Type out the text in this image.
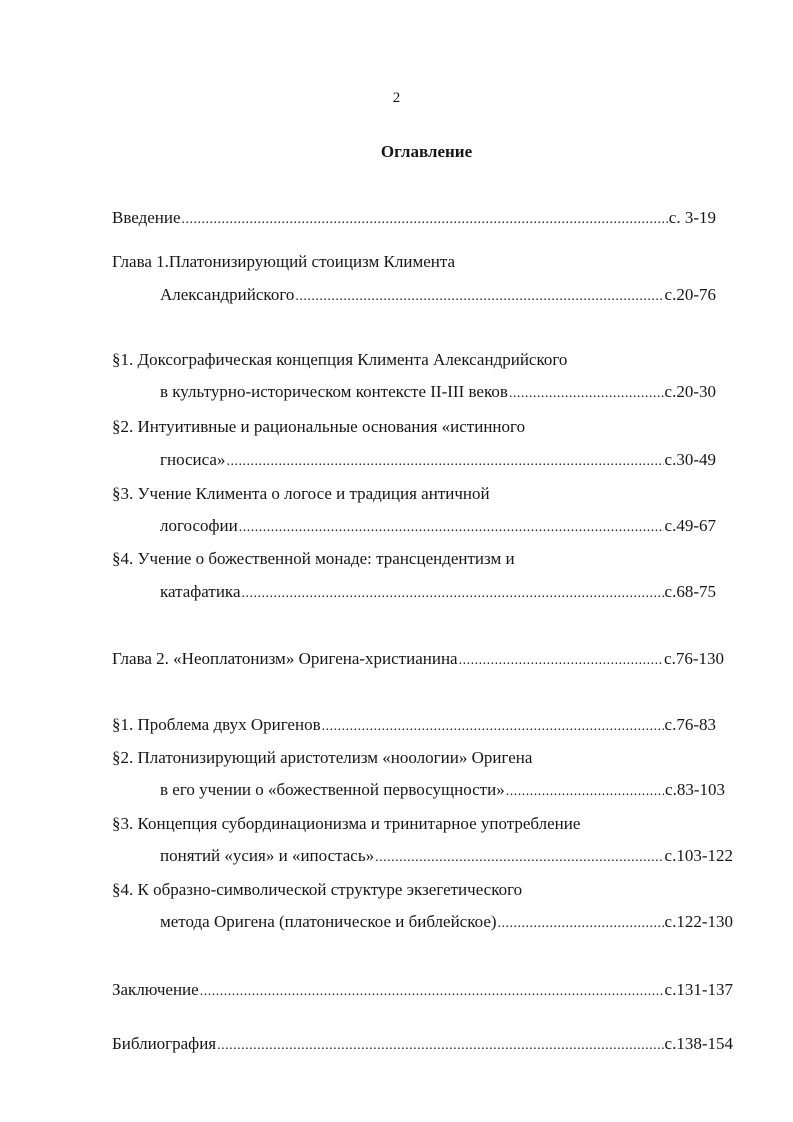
2
Оглавление
Введение .....	с. 3-19
Глава 1.Платонизирующий стоицизм Климента
Александрийского .....	с.20-76
§1. Доксографическая концепция Климента Александрийского
в культурно-историческом контексте II-III веков .....	с.20-30
§2. Интуитивные и рациональные основания «истинного
гносиса» .....	с.30-49
§3. Учение Климента о логосе и традиция античной
логософии .....	с.49-67
§4. Учение о божественной монаде: трансцендентизм и
катафатика .....	с.68-75
Глава 2. «Неоплатонизм» Оригена-христианина .....	с.76-130
§1. Проблема двух Оригенов .....	с.76-83
§2. Платонизирующий аристотелизм «ноологии» Оригена
в его учении о «божественной первосущности» .....	с.83-103
§3. Концепция субординационизма и тринитарное употребление
понятий «усия» и «ипостась» .....	с.103-122
§4. К образно-символической структуре экзегетического
метода Оригена (платоническое и библейское) .....	с.122-130
Заключение .....	с.131-137
Библиография .....	с.138-154
